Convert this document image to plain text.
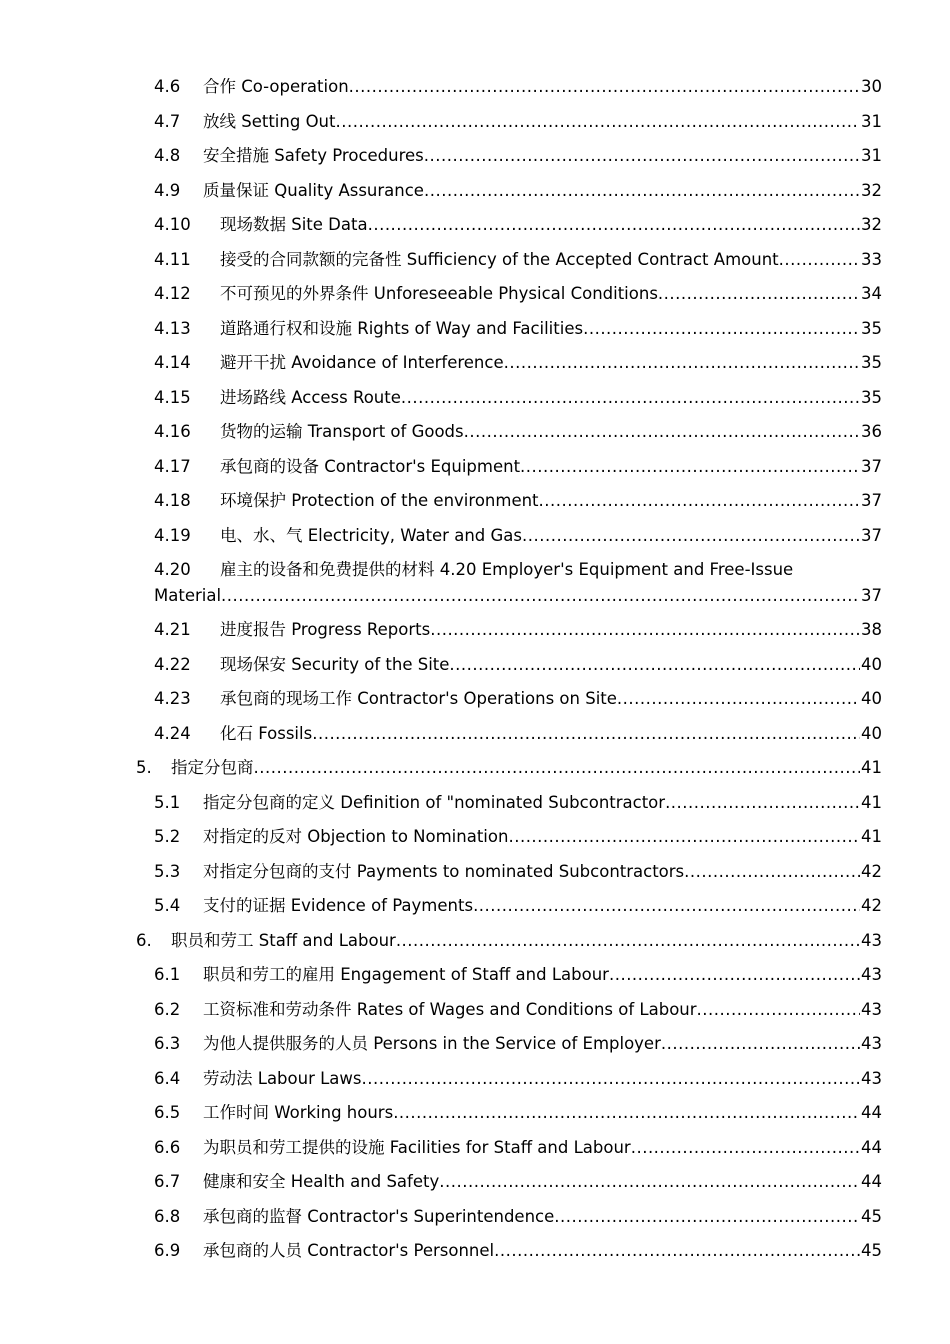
4.6	合作 Co-operation .....	30
4.7	放线 Setting Out .....	31
4.8	安全措施 Safety Procedures .....	31
4.9	质量保证 Quality Assurance .....	32
4.10	现场数据 Site Data .....	32
4.11	接受的合同款额的完备性 Sufficiency of the Accepted Contract Amount .....	33
4.12	不可预见的外界条件 Unforeseeable Physical Conditions .....	34
4.13	道路通行权和设施 Rights of Way and Facilities .....	35
4.14	避开干扰 Avoidance of Interference .....	35
4.15	进场路线 Access Route .....	35
4.16	货物的运输 Transport of Goods .....	36
4.17	承包商的设备 Contractor's Equipment .....	37
4.18	环境保护 Protection of the environment .....	37
4.19	电、水、气 Electricity, Water and Gas .....	37
4.20	雇主的设备和免费提供的材料 4.20 Employer's Equipment and Free-Issue
Material .....	37
4.21	进度报告 Progress Reports .....	38
4.22	现场保安 Security of the Site .....	40
4.23	承包商的现场工作 Contractor's Operations on Site .....	40
4.24	化石 Fossils .....	40
5.	指定分包商 .....	41
5.1	指定分包商的定义 Definition of "nominated Subcontractor .....	41
5.2	对指定的反对 Objection to Nomination .....	41
5.3	对指定分包商的支付 Payments to nominated Subcontractors .....	42
5.4	支付的证据 Evidence of Payments .....	42
6.	职员和劳工 Staff and Labour .....	43
6.1	职员和劳工的雇用 Engagement of Staff and Labour .....	43
6.2	工资标准和劳动条件 Rates of Wages and Conditions of Labour .....	43
6.3	为他人提供服务的人员 Persons in the Service of Employer .....	43
6.4	劳动法 Labour Laws .....	43
6.5	工作时间 Working hours .....	44
6.6	为职员和劳工提供的设施 Facilities for Staff and Labour .....	44
6.7	健康和安全 Health and Safety .....	44
6.8	承包商的监督 Contractor's Superintendence .....	45
6.9	承包商的人员 Contractor's Personnel .....	45
